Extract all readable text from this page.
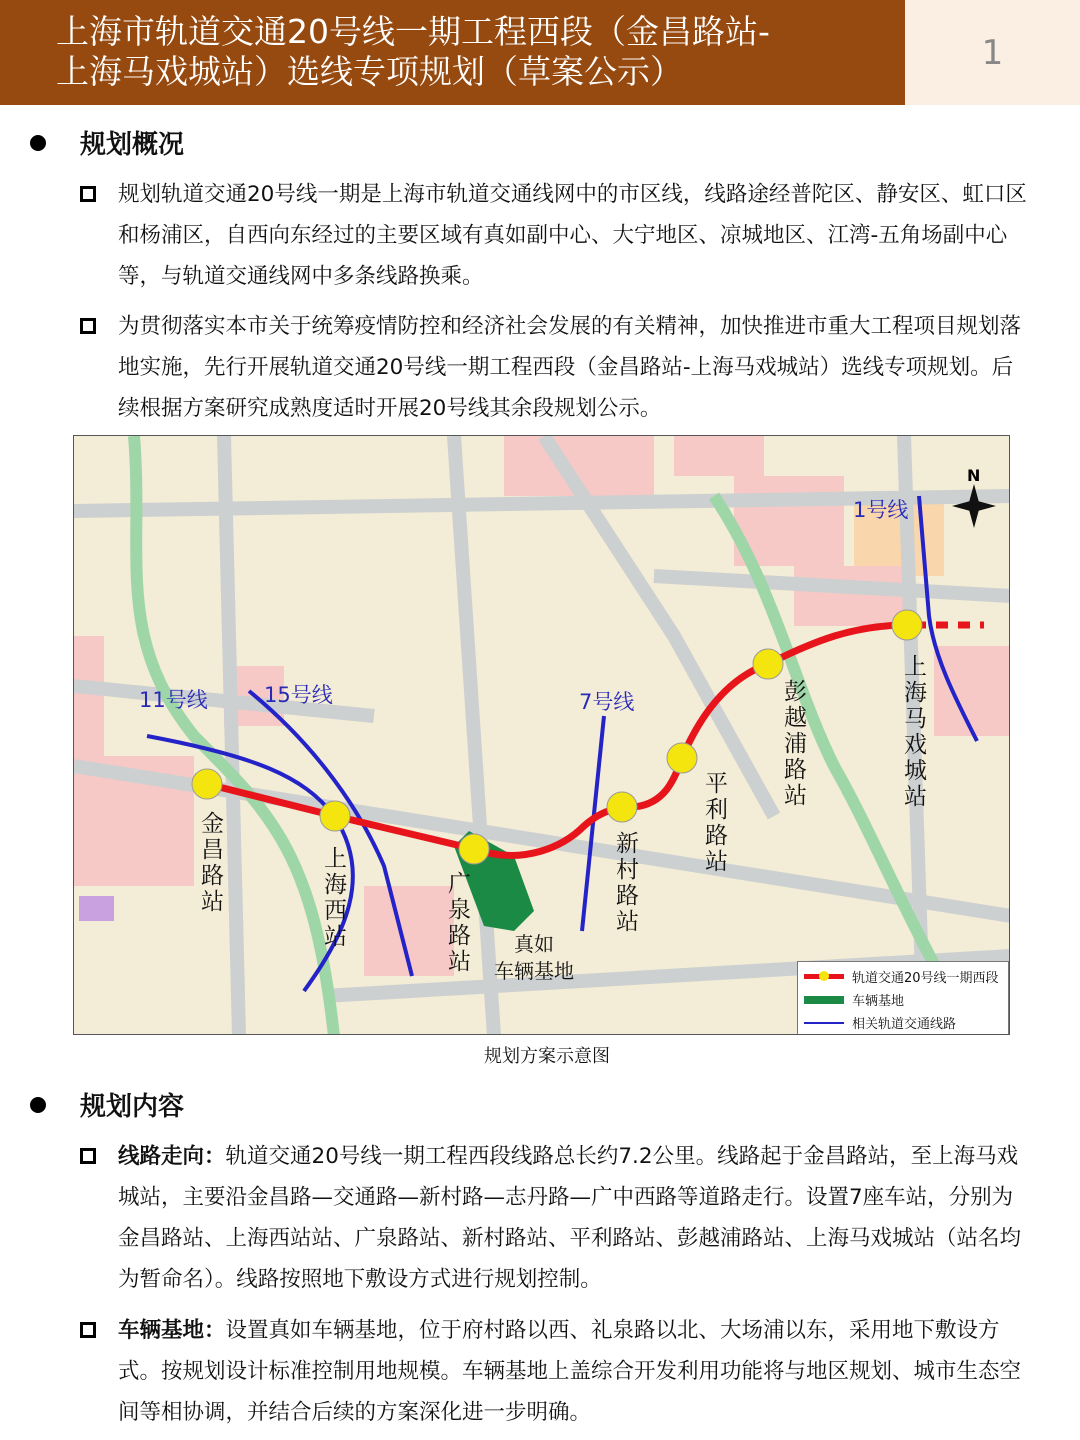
上海市轨道交通20号线一期工程西段（金昌路站-
上海马戏城站）选线专项规划（草案公示）	1
规划概况
规划轨道交通20号线一期是上海市轨道交通线网中的市区线，线路途经普陀区、静安区、虹口区和杨浦区，自西向东经过的主要区域有真如副中心、大宁地区、凉城地区、江湾-五角场副中心等，与轨道交通线网中多条线路换乘。
为贯彻落实本市关于统筹疫情防控和经济社会发展的有关精神，加快推进市重大工程项目规划落地实施，先行开展轨道交通20号线一期工程西段（金昌路站-上海马戏城站）选线专项规划。后续根据方案研究成熟度适时开展20号线其余段规划公示。
N
11号线	15号线	7号线
1号线
金昌路站	上海西站	广泉路站	新村路站
平利路站
彭越浦路站	上海马戏城站
真如
车辆基地	轨道交通20号线一期西段
车辆基地
相关轨道交通线路
规划方案示意图
规划内容
线路走向：轨道交通20号线一期工程西段线路总长约7.2公里。线路起于金昌路站，至上海马戏城站，主要沿金昌路—交通路—新村路—志丹路—广中西路等道路走行。设置7座车站，分别为金昌路站、上海西站站、广泉路站、新村路站、平利路站、彭越浦路站、上海马戏城站（站名均为暂命名）。线路按照地下敷设方式进行规划控制。
车辆基地：设置真如车辆基地，位于府村路以西、礼泉路以北、大场浦以东，采用地下敷设方式。按规划设计标准控制用地规模。车辆基地上盖综合开发利用功能将与地区规划、城市生态空间等相协调，并结合后续的方案深化进一步明确。
